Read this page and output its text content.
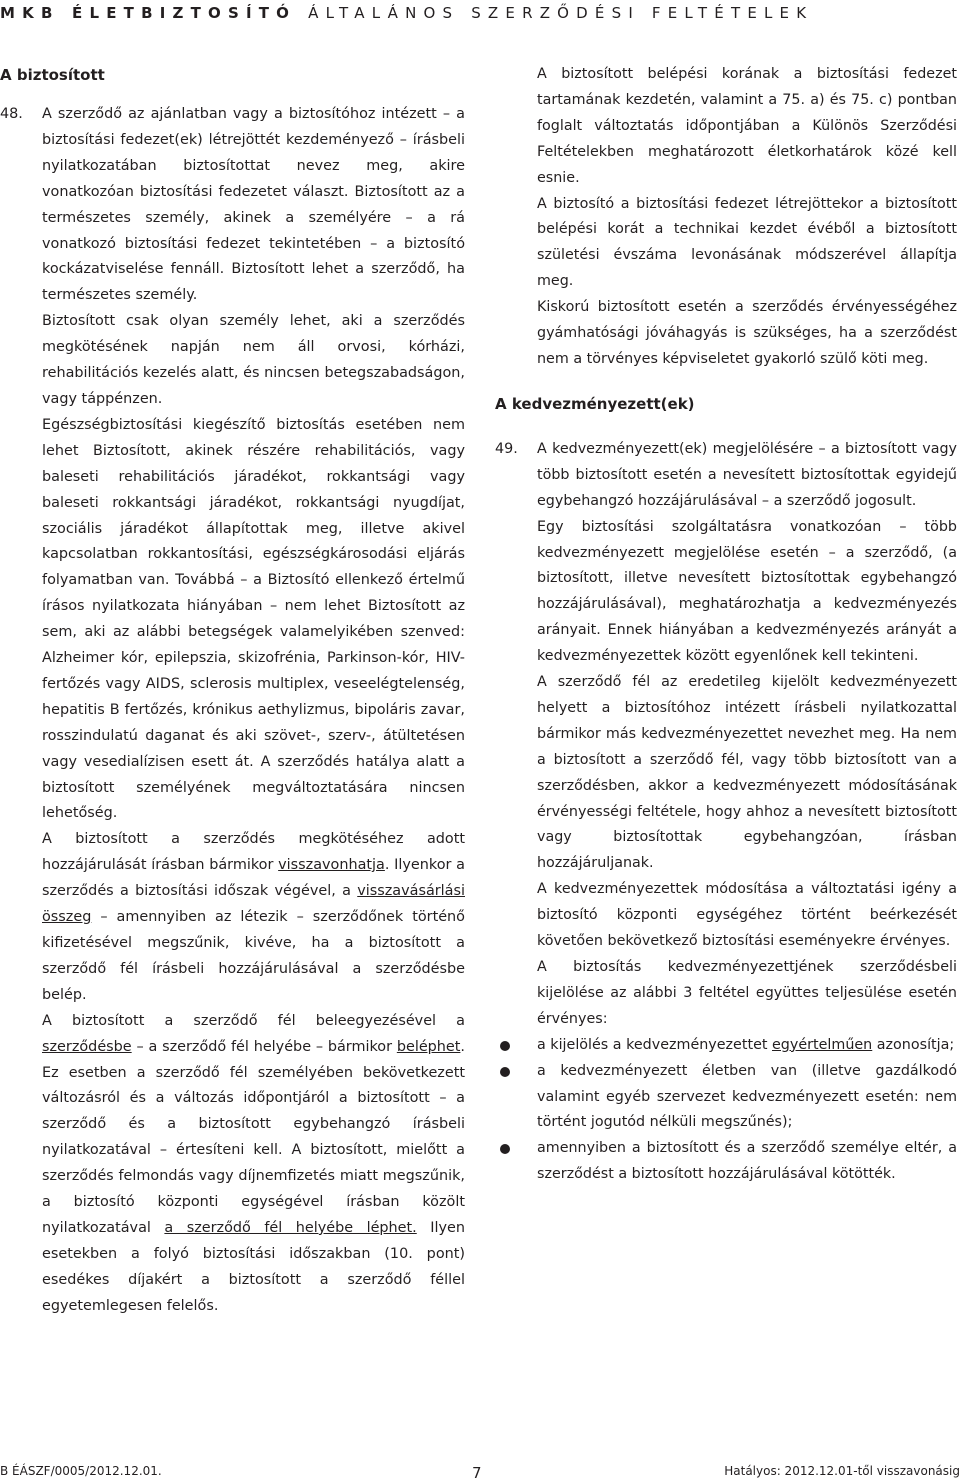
MKB ÉLETBIZTOSÍTÓ ÁLTALÁNOS SZERZŐDÉSI FELTÉTELEK
A biztosított
48. A szerződő az ajánlatban vagy a biztosítóhoz intézett – a biztosítási fedezet(ek) létrejöttét kezdeményező – írásbeli nyilatkozatában biztosítottat nevez meg, akire vonatkozóan biztosítási fedezetet választ. Biztosított az a természetes személy, akinek a személyére – a rá vonatkozó biztosítási fedezet tekintetében – a biztosító kockázatviselése fennáll. Biztosított lehet a szerződő, ha természetes személy.

Biztosított csak olyan személy lehet, aki a szerződés megkötésének napján nem áll orvosi, kórházi, rehabilitációs kezelés alatt, és nincsen betegszabadságon, vagy táppénzen.

Egészségbiztosítási kiegészítő biztosítás esetében nem lehet Biztosított, akinek részére rehabilitációs, vagy baleseti rehabilitációs járadékot, rokkantsági vagy baleseti rokkantsági járadékot, rokkantsági nyugdíjat, szociális járadékot állapítottak meg, illetve akivel kapcsolatban rokkantosítási, egészségkárosodási eljárás folyamatban van. Továbbá – a Biztosító ellenkező értelmű írásos nyilatkozata hiányában – nem lehet Biztosított az sem, aki az alábbi betegségek valamelyikében szenved: Alzheimer kór, epilepszia, skizofrénia, Parkinson-kór, HIV-fertőzés vagy AIDS, sclerosis multiplex, veseelégtelenség, hepatitis B fertőzés, krónikus aethylizmus, bipoláris zavar, rosszindulatú daganat és aki szövet-, szerv-, átültetésen vagy vesedialízisen esett át. A szerződés hatálya alatt a biztosított személyének megváltoztatására nincsen lehetőség.

A biztosított a szerződés megkötéséhez adott hozzájárulását írásban bármikor visszavonhatja. Ilyenkor a szerződés a biztosítási időszak végével, a visszavásárlási összeg – amennyiben az létezik – szerződőnek történő kifizetésével megszűnik, kivéve, ha a biztosított a szerződő fél írásbeli hozzájárulásával a szerződésbe belép.

A biztosított a szerződő fél beleegyezésével a szerződésbe – a szerződő fél helyébe – bármikor beléphet. Ez esetben a szerződő fél személyében bekövetkezett változásról és a változás időpontjáról a biztosított – a szerződő és a biztosított egybehangzó írásbeli nyilatkozatával – értesíteni kell. A biztosított, mielőtt a szerződés felmondás vagy díjnemfizetés miatt megszűnik, a biztosító központi egységével írásban közölt nyilatkozatával a szerződő fél helyébe léphet. Ilyen esetekben a folyó biztosítási időszakban (10. pont) esedékes díjakért a biztosított a szerződő féllel egyetemlegesen felelős.

A biztosított belépési korának a biztosítási fedezet tartamának kezdetén, valamint a 75. a) és 75. c) pontban foglalt változtatás időpontjában a Különös Szerződési Feltételekben meghatározott életkorhatárok közé kell esnie.

A biztosító a biztosítási fedezet létrejöttekor a biztosított belépési korát a technikai kezdet évéből a biztosított születési évszáma levonásának módszerével állapítja meg.

Kiskorú biztosított esetén a szerződés érvényességéhez gyámhatósági jóváhagyás is szükséges, ha a szerződést nem a törvényes képviseletet gyakorló szülő köti meg.

A kedvezményezett(ek)
49. A kedvezményezett(ek) megjelölésére – a biztosított vagy több biztosított esetén a nevesített biztosítottak egyidejű egybehangzó hozzájárulásával – a szerződő jogosult.

Egy biztosítási szolgáltatásra vonatkozóan – több kedvezményezett megjelölése esetén – a szerződő, (a biztosított, illetve nevesített biztosítottak egybehangzó hozzájárulásával), meghatározhatja a kedvezményezés arányait. Ennek hiányában a kedvezményezés arányát a kedvezményezettek között egyenlőnek kell tekinteni.

A szerződő fél az eredetileg kijelölt kedvezményezett helyett a biztosítóhoz intézett írásbeli nyilatkozattal bármikor más kedvezményezettet nevezhet meg. Ha nem a biztosított a szerződő fél, vagy több biztosított van a szerződésben, akkor a kedvezményezett módosításának érvényességi feltétele, hogy ahhoz a nevesített biztosított vagy biztosítottak egybehangzóan, írásban hozzájáruljanak.

A kedvezményezettek módosítása a változtatási igény a biztosító központi egységéhez történt beérkezését követően bekövetkező biztosítási eseményekre érvényes.

A biztosítás kedvezményezettjének szerződésbeli kijelölése az alábbi 3 feltétel együttes teljesülése esetén érvényes:

a kijelölés a kedvezményezettet egyértelműen azonosítja;
a kedvezményezett életben van (illetve gazdálkodó valamint egyéb szervezet kedvezményezett esetén: nem történt jogutód nélküli megszűnés);
amennyiben a biztosított és a szerződő személye eltér, a szerződést a biztosított hozzájárulásával kötötték.
B ÉÁSZF/0005/2012.12.01.	7	Hatályos: 2012.12.01-től visszavonásig
